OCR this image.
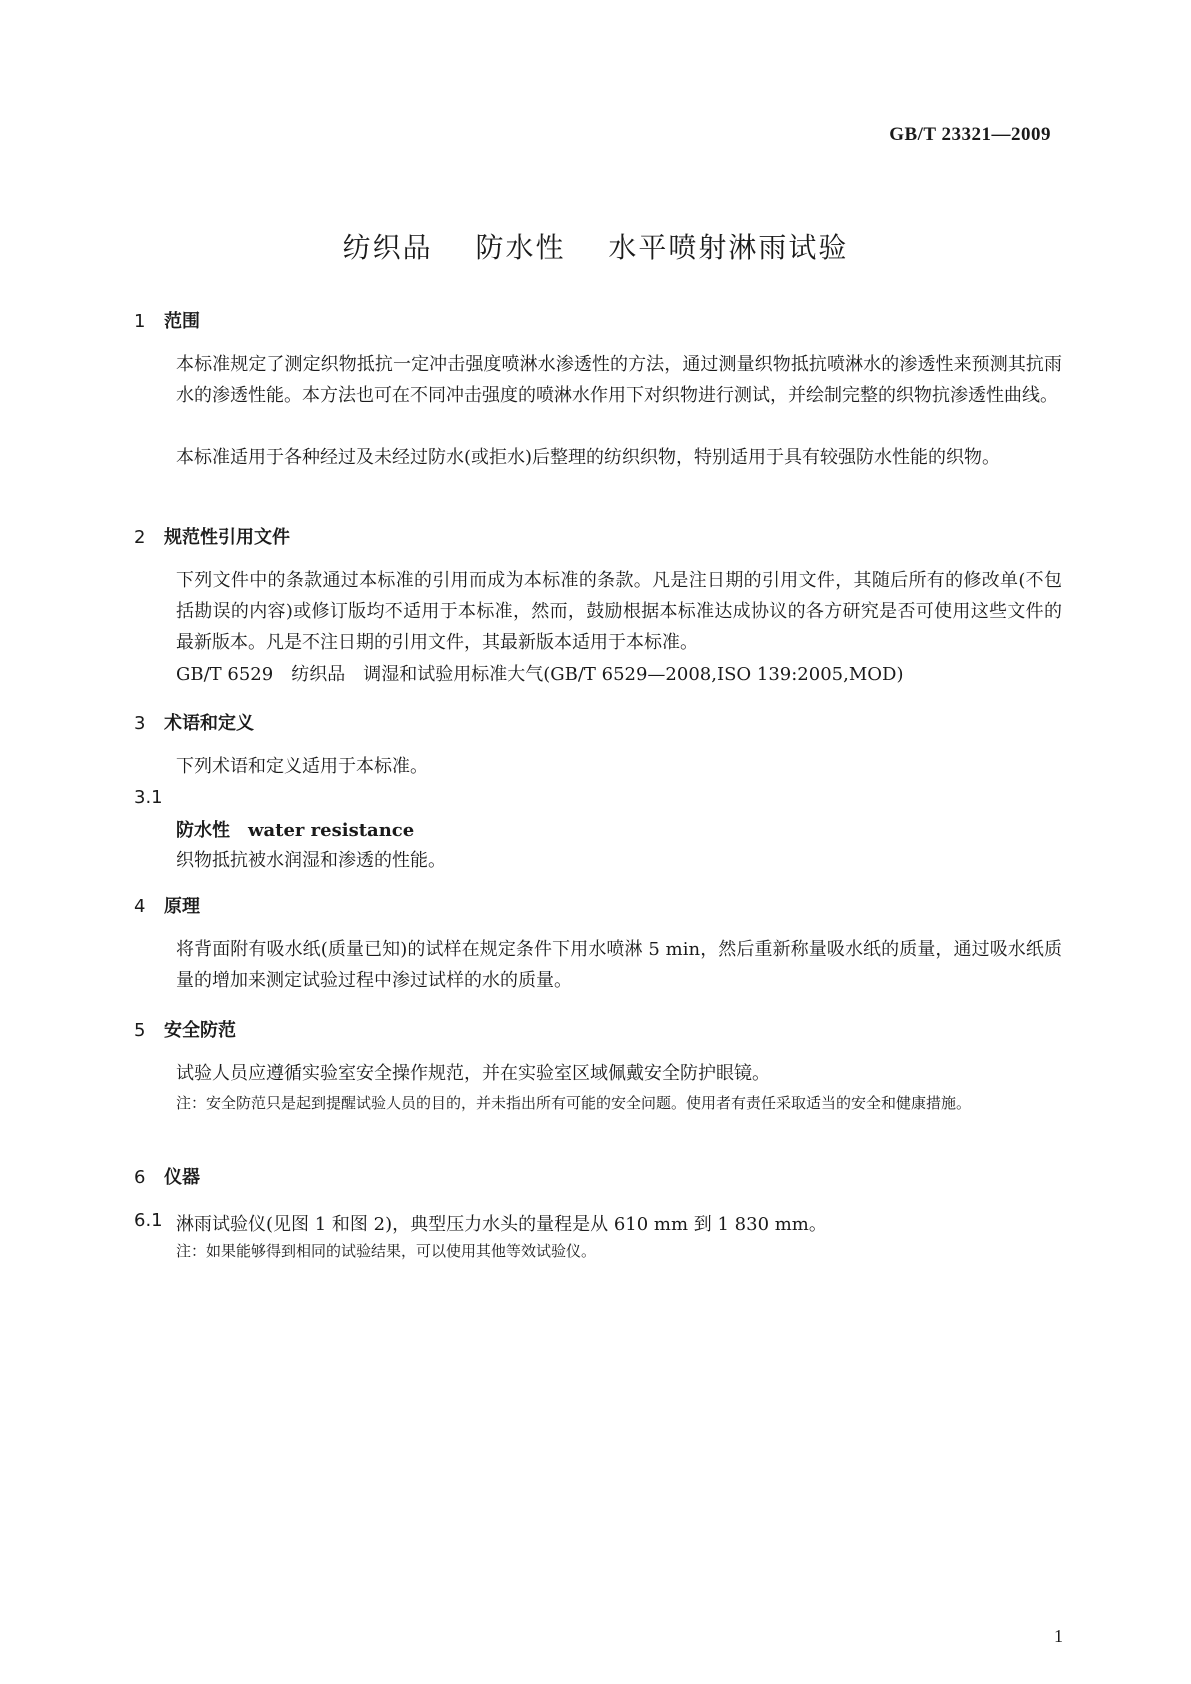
GB/T 23321—2009
纺织品 防水性 水平喷射淋雨试验
1 范围
本标准规定了测定织物抵抗一定冲击强度喷淋水渗透性的方法，通过测量织物抵抗喷淋水的渗透性来预测其抗雨水的渗透性能。本方法也可在不同冲击强度的喷淋水作用下对织物进行测试，并绘制完整的织物抗渗透性曲线。
本标准适用于各种经过及未经过防水(或拒水)后整理的纺织织物，特别适用于具有较强防水性能的织物。
2 规范性引用文件
下列文件中的条款通过本标准的引用而成为本标准的条款。凡是注日期的引用文件，其随后所有的修改单(不包括勘误的内容)或修订版均不适用于本标准，然而，鼓励根据本标准达成协议的各方研究是否可使用这些文件的最新版本。凡是不注日期的引用文件，其最新版本适用于本标准。
GB/T 6529　纺织品　调湿和试验用标准大气(GB/T 6529—2008,ISO 139:2005,MOD)
3 术语和定义
下列术语和定义适用于本标准。
3.1
防水性 water resistance
织物抵抗被水润湿和渗透的性能。
4 原理
将背面附有吸水纸(质量已知)的试样在规定条件下用水喷淋 5 min，然后重新称量吸水纸的质量，通过吸水纸质量的增加来测定试验过程中渗过试样的水的质量。
5 安全防范
试验人员应遵循实验室安全操作规范，并在实验室区域佩戴安全防护眼镜。
注：安全防范只是起到提醒试验人员的目的，并未指出所有可能的安全问题。使用者有责任采取适当的安全和健康措施。
6 仪器
6.1 淋雨试验仪(见图 1 和图 2)，典型压力水头的量程是从 610 mm 到 1 830 mm。
注：如果能够得到相同的试验结果，可以使用其他等效试验仪。
1
